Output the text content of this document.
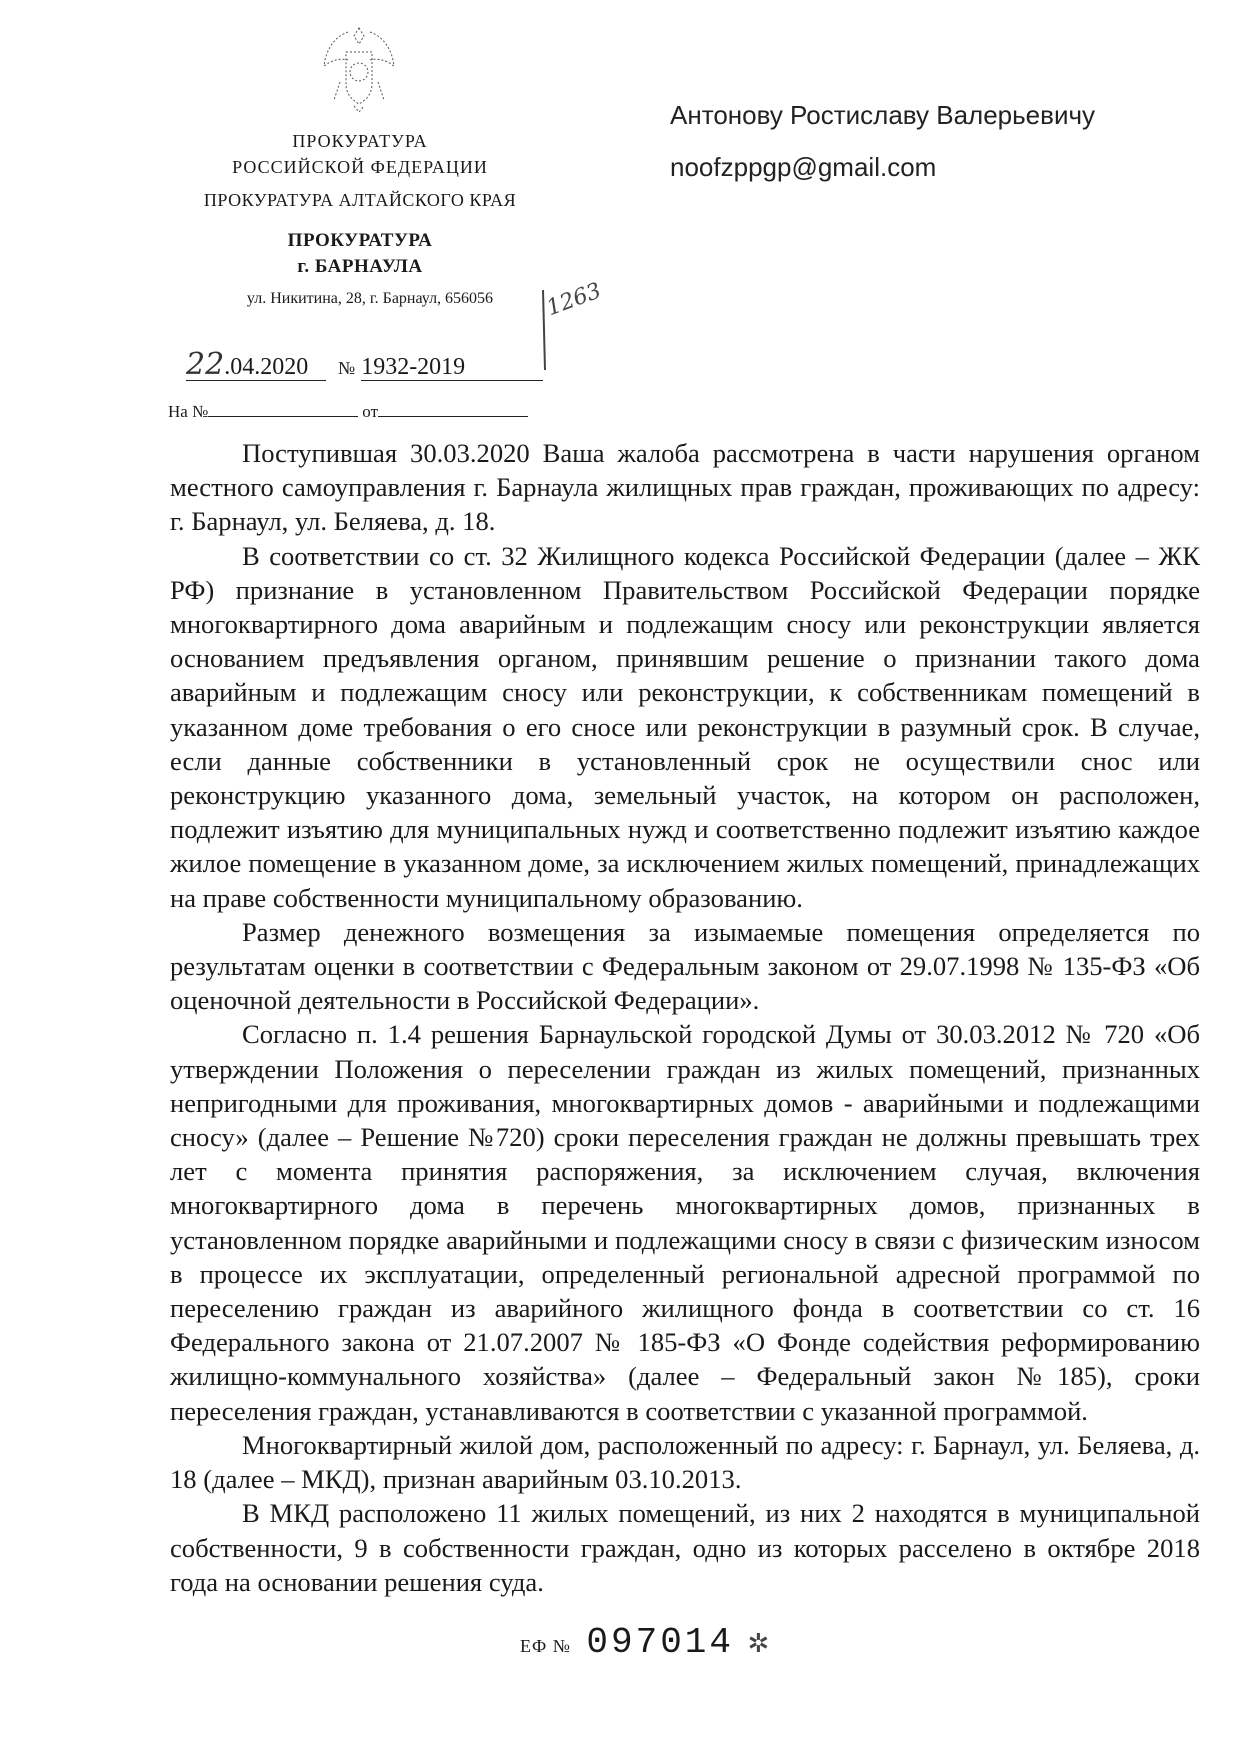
ПРОКУРАТУРА
РОССИЙСКОЙ ФЕДЕРАЦИИ
ПРОКУРАТУРА АЛТАЙСКОГО КРАЯ
ПРОКУРАТУРА
г. БАРНАУЛА
ул. Никитина, 28, г. Барнаул, 656056	1263
Антонову Ростиславу Валерьевичу
noofzppgp@gmail.com
22.04.2020 № 1932-2019
На №	от

Поступившая 30.03.2020 Ваша жалоба рассмотрена в части нарушения органом местного самоуправления г. Барнаула жилищных прав граждан, проживающих по адресу: г. Барнаул, ул. Беляева, д. 18.

В соответствии со ст. 32 Жилищного кодекса Российской Федерации (далее – ЖК РФ) признание в установленном Правительством Российской Федерации порядке многоквартирного дома аварийным и подлежащим сносу или реконструкции является основанием предъявления органом, принявшим решение о признании такого дома аварийным и подлежащим сносу или реконструкции, к собственникам помещений в указанном доме требования о его сносе или реконструкции в разумный срок. В случае, если данные собственники в установленный срок не осуществили снос или реконструкцию указанного дома, земельный участок, на котором он расположен, подлежит изъятию для муниципальных нужд и соответственно подлежит изъятию каждое жилое помещение в указанном доме, за исключением жилых помещений, принадлежащих на праве собственности муниципальному образованию.

Размер денежного возмещения за изымаемые помещения определяется по результатам оценки в соответствии с Федеральным законом от 29.07.1998 № 135-ФЗ «Об оценочной деятельности в Российской Федерации».

Согласно п. 1.4 решения Барнаульской городской Думы от 30.03.2012 № 720 «Об утверждении Положения о переселении граждан из жилых помещений, признанных непригодными для проживания, многоквартирных домов - аварийными и подлежащими сносу» (далее – Решение №720) сроки переселения граждан не должны превышать трех лет с момента принятия распоряжения, за исключением случая, включения многоквартирного дома в перечень многоквартирных домов, признанных в установленном порядке аварийными и подлежащими сносу в связи с физическим износом в процессе их эксплуатации, определенный региональной адресной программой по переселению граждан из аварийного жилищного фонда в соответствии со ст. 16 Федерального закона от 21.07.2007 № 185-ФЗ «О Фонде содействия реформированию жилищно-коммунального хозяйства» (далее – Федеральный закон №185), сроки переселения граждан, устанавливаются в соответствии с указанной программой.

Многоквартирный жилой дом, расположенный по адресу: г. Барнаул, ул. Беляева, д. 18 (далее – МКД), признан аварийным 03.10.2013.

В МКД расположено 11 жилых помещений, из них 2 находятся в муниципальной собственности, 9 в собственности граждан, одно из которых расселено в октябре 2018 года на основании решения суда.

ЕФ № 097014 ✲
